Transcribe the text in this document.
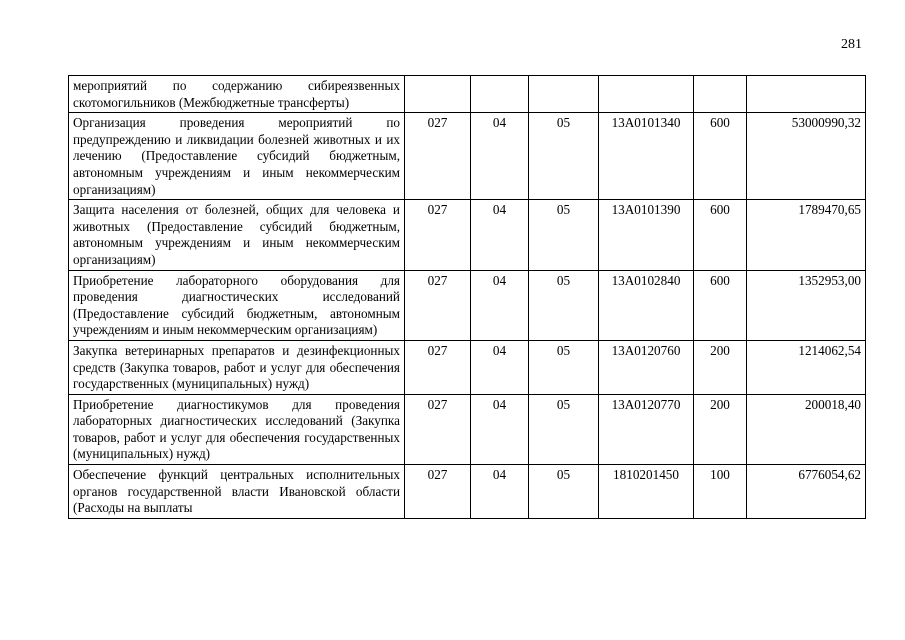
281
мероприятий по содержанию сибиреязвенных скотомогильников (Межбюджетные трансферты)						
Организация проведения мероприятий по предупреждению и ликвидации болезней животных и их лечению (Предоставление субсидий бюджетным, автономным учреждениям и иным некоммерческим организациям)	027	04	05	13А0101340	600	53000990,32
Защита населения от болезней, общих для человека и животных (Предоставление субсидий бюджетным, автономным учреждениям и иным некоммерческим организациям)	027	04	05	13А0101390	600	1789470,65
Приобретение лабораторного оборудования для проведения диагностических исследований (Предоставление субсидий бюджетным, автономным учреждениям и иным некоммерческим организациям)	027	04	05	13А0102840	600	1352953,00
Закупка ветеринарных препаратов и дезинфекционных средств (Закупка товаров, работ и услуг для обеспечения государственных (муниципальных) нужд)	027	04	05	13А0120760	200	1214062,54
Приобретение диагностикумов для проведения лабораторных диагностических исследований (Закупка товаров, работ и услуг для обеспечения государственных (муниципальных) нужд)	027	04	05	13А0120770	200	200018,40
Обеспечение функций центральных исполнительных органов государственной власти Ивановской области (Расходы на выплаты	027	04	05	1810201450	100	6776054,62
